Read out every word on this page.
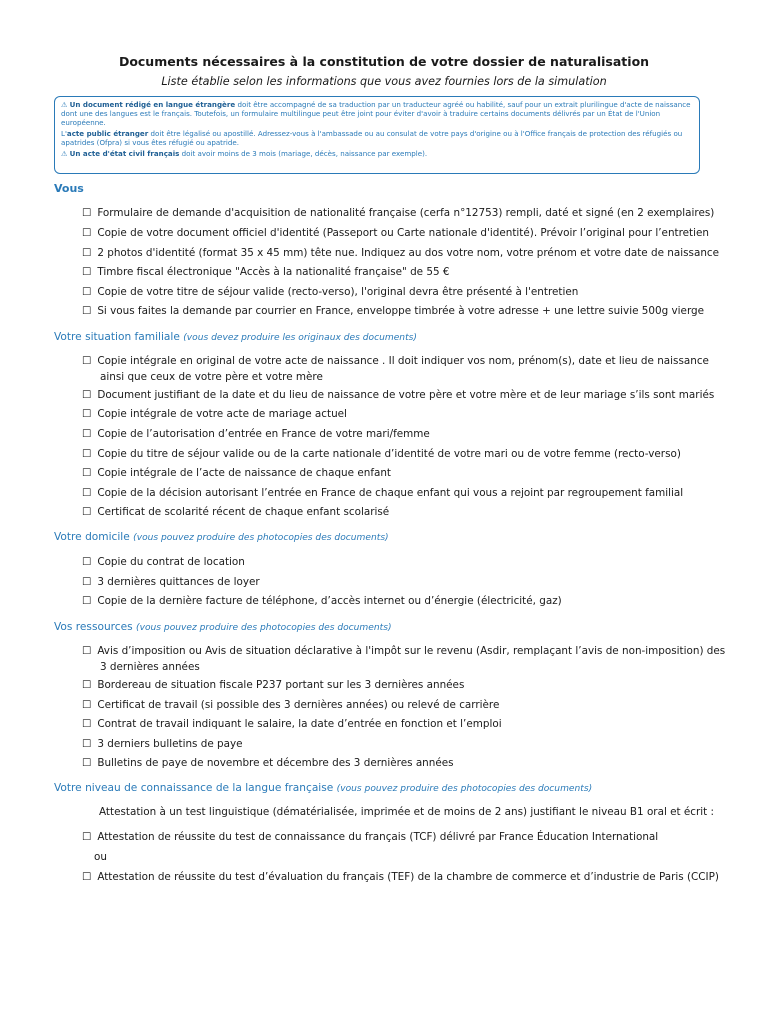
Documents nécessaires à la constitution de votre dossier de naturalisation
Liste établie selon les informations que vous avez fournies lors de la simulation

⚠ Un document rédigé en langue étrangère doit être accompagné de sa traduction par un traducteur agréé ou habilité, sauf pour un extrait plurilingue d'acte de naissance dont une des langues est le français. Toutefois, un formulaire multilingue peut être joint pour éviter d'avoir à traduire certains documents délivrés par un État de l'Union européenne.

L'acte public étranger doit être légalisé ou apostillé. Adressez-vous à l'ambassade ou au consulat de votre pays d'origine ou à l'Office français de protection des réfugiés ou apatrides (Ofpra) si vous êtes réfugié ou apatride.

⚠ Un acte d'état civil français doit avoir moins de 3 mois (mariage, décès, naissance par exemple).

Vous
☐ Formulaire de demande d'acquisition de nationalité française (cerfa n°12753) rempli, daté et signé (en 2 exemplaires)
☐ Copie de votre document officiel d'identité (Passeport ou Carte nationale d'identité). Prévoir l’original pour l’entretien
☐ 2 photos d'identité (format 35 x 45 mm) tête nue. Indiquez au dos votre nom, votre prénom et votre date de naissance
☐ Timbre fiscal électronique "Accès à la nationalité française" de 55 €
☐ Copie de votre titre de séjour valide (recto-verso), l'original devra être présenté à l'entretien
☐ Si vous faites la demande par courrier en France, enveloppe timbrée à votre adresse + une lettre suivie 500g vierge
Votre situation familiale (vous devez produire les originaux des documents)
☐ Copie intégrale en original de votre acte de naissance . Il doit indiquer vos nom, prénom(s), date et lieu de naissance
ainsi que ceux de votre père et votre mère
☐ Document justifiant de la date et du lieu de naissance de votre père et votre mère et de leur mariage s’ils sont mariés
☐ Copie intégrale de votre acte de mariage actuel
☐ Copie de l’autorisation d’entrée en France de votre mari/femme
☐ Copie du titre de séjour valide ou de la carte nationale d’identité de votre mari ou de votre femme (recto-verso)
☐ Copie intégrale de l’acte de naissance de chaque enfant
☐ Copie de la décision autorisant l’entrée en France de chaque enfant qui vous a rejoint par regroupement familial
☐ Certificat de scolarité récent de chaque enfant scolarisé
Votre domicile (vous pouvez produire des photocopies des documents)
☐ Copie du contrat de location
☐ 3 dernières quittances de loyer
☐ Copie de la dernière facture de téléphone, d’accès internet ou d’énergie (électricité, gaz)
Vos ressources (vous pouvez produire des photocopies des documents)
☐ Avis d’imposition ou Avis de situation déclarative à l'impôt sur le revenu (Asdir, remplaçant l’avis de non-imposition) des
3 dernières années
☐ Bordereau de situation fiscale P237 portant sur les 3 dernières années
☐ Certificat de travail (si possible des 3 dernières années) ou relevé de carrière
☐ Contrat de travail indiquant le salaire, la date d’entrée en fonction et l’emploi
☐ 3 derniers bulletins de paye
☐ Bulletins de paye de novembre et décembre des 3 dernières années
Votre niveau de connaissance de la langue française (vous pouvez produire des photocopies des documents)
Attestation à un test linguistique (dématérialisée, imprimée et de moins de 2 ans) justifiant le niveau B1 oral et écrit :
☐ Attestation de réussite du test de connaissance du français (TCF) délivré par France Éducation International
ou
☐ Attestation de réussite du test d’évaluation du français (TEF) de la chambre de commerce et d’industrie de Paris (CCIP)
